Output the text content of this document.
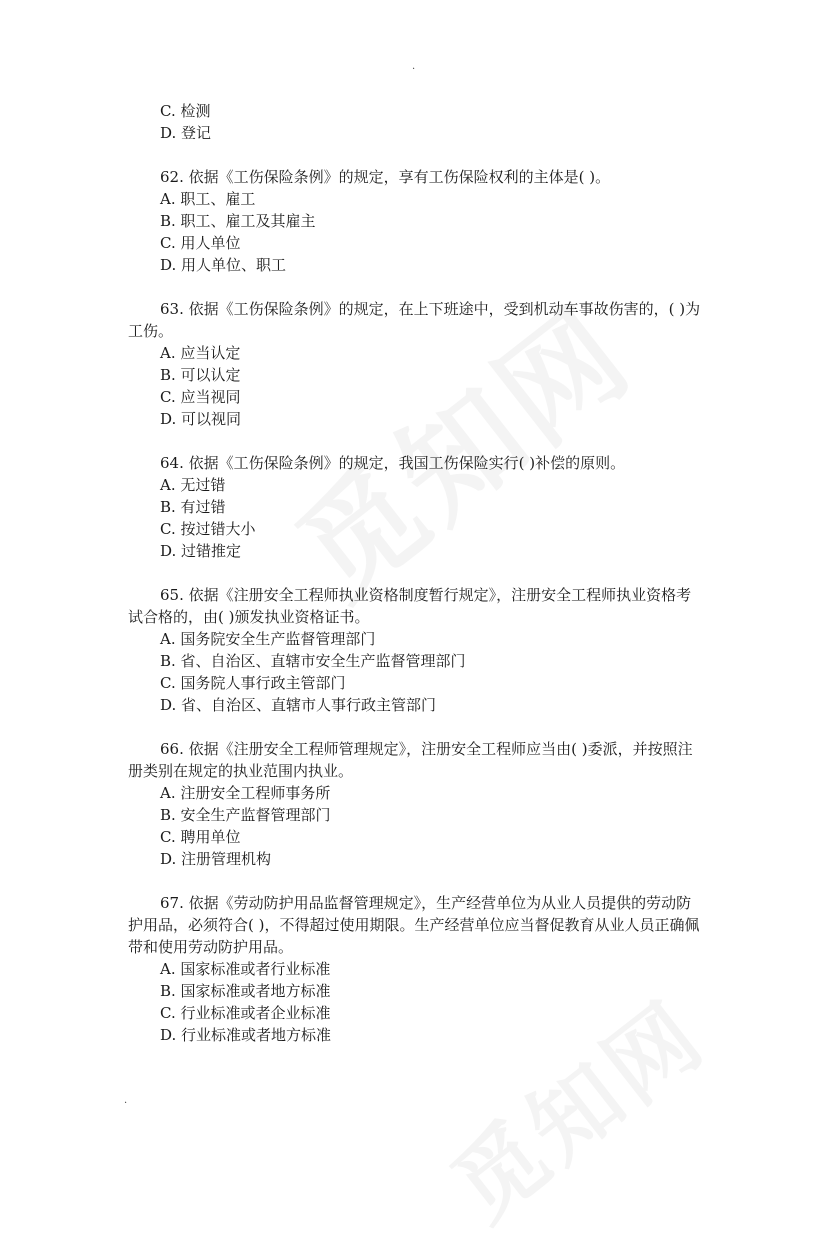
.
.
C. 检测
D. 登记

62. 依据《工伤保险条例》的规定，享有工伤保险权利的主体是( )。

A. 职工、雇工
B. 职工、雇工及其雇主
C. 用人单位
D. 用人单位、职工

63. 依据《工伤保险条例》的规定，在上下班途中，受到机动车事故伤害的，( )为工伤。

A. 应当认定
B. 可以认定
C. 应当视同
D. 可以视同

64. 依据《工伤保险条例》的规定，我国工伤保险实行( )补偿的原则。

A. 无过错
B. 有过错
C. 按过错大小
D. 过错推定

65. 依据《注册安全工程师执业资格制度暂行规定》，注册安全工程师执业资格考试合格的，由( )颁发执业资格证书。

A. 国务院安全生产监督管理部门
B. 省、自治区、直辖市安全生产监督管理部门
C. 国务院人事行政主管部门
D. 省、自治区、直辖市人事行政主管部门

66. 依据《注册安全工程师管理规定》，注册安全工程师应当由( )委派，并按照注册类别在规定的执业范围内执业。

A. 注册安全工程师事务所
B. 安全生产监督管理部门
C. 聘用单位
D. 注册管理机构

67. 依据《劳动防护用品监督管理规定》，生产经营单位为从业人员提供的劳动防护用品，必须符合( )，不得超过使用期限。生产经营单位应当督促教育从业人员正确佩带和使用劳动防护用品。

A. 国家标准或者行业标准
B. 国家标准或者地方标准
C. 行业标准或者企业标准
D. 行业标准或者地方标准
